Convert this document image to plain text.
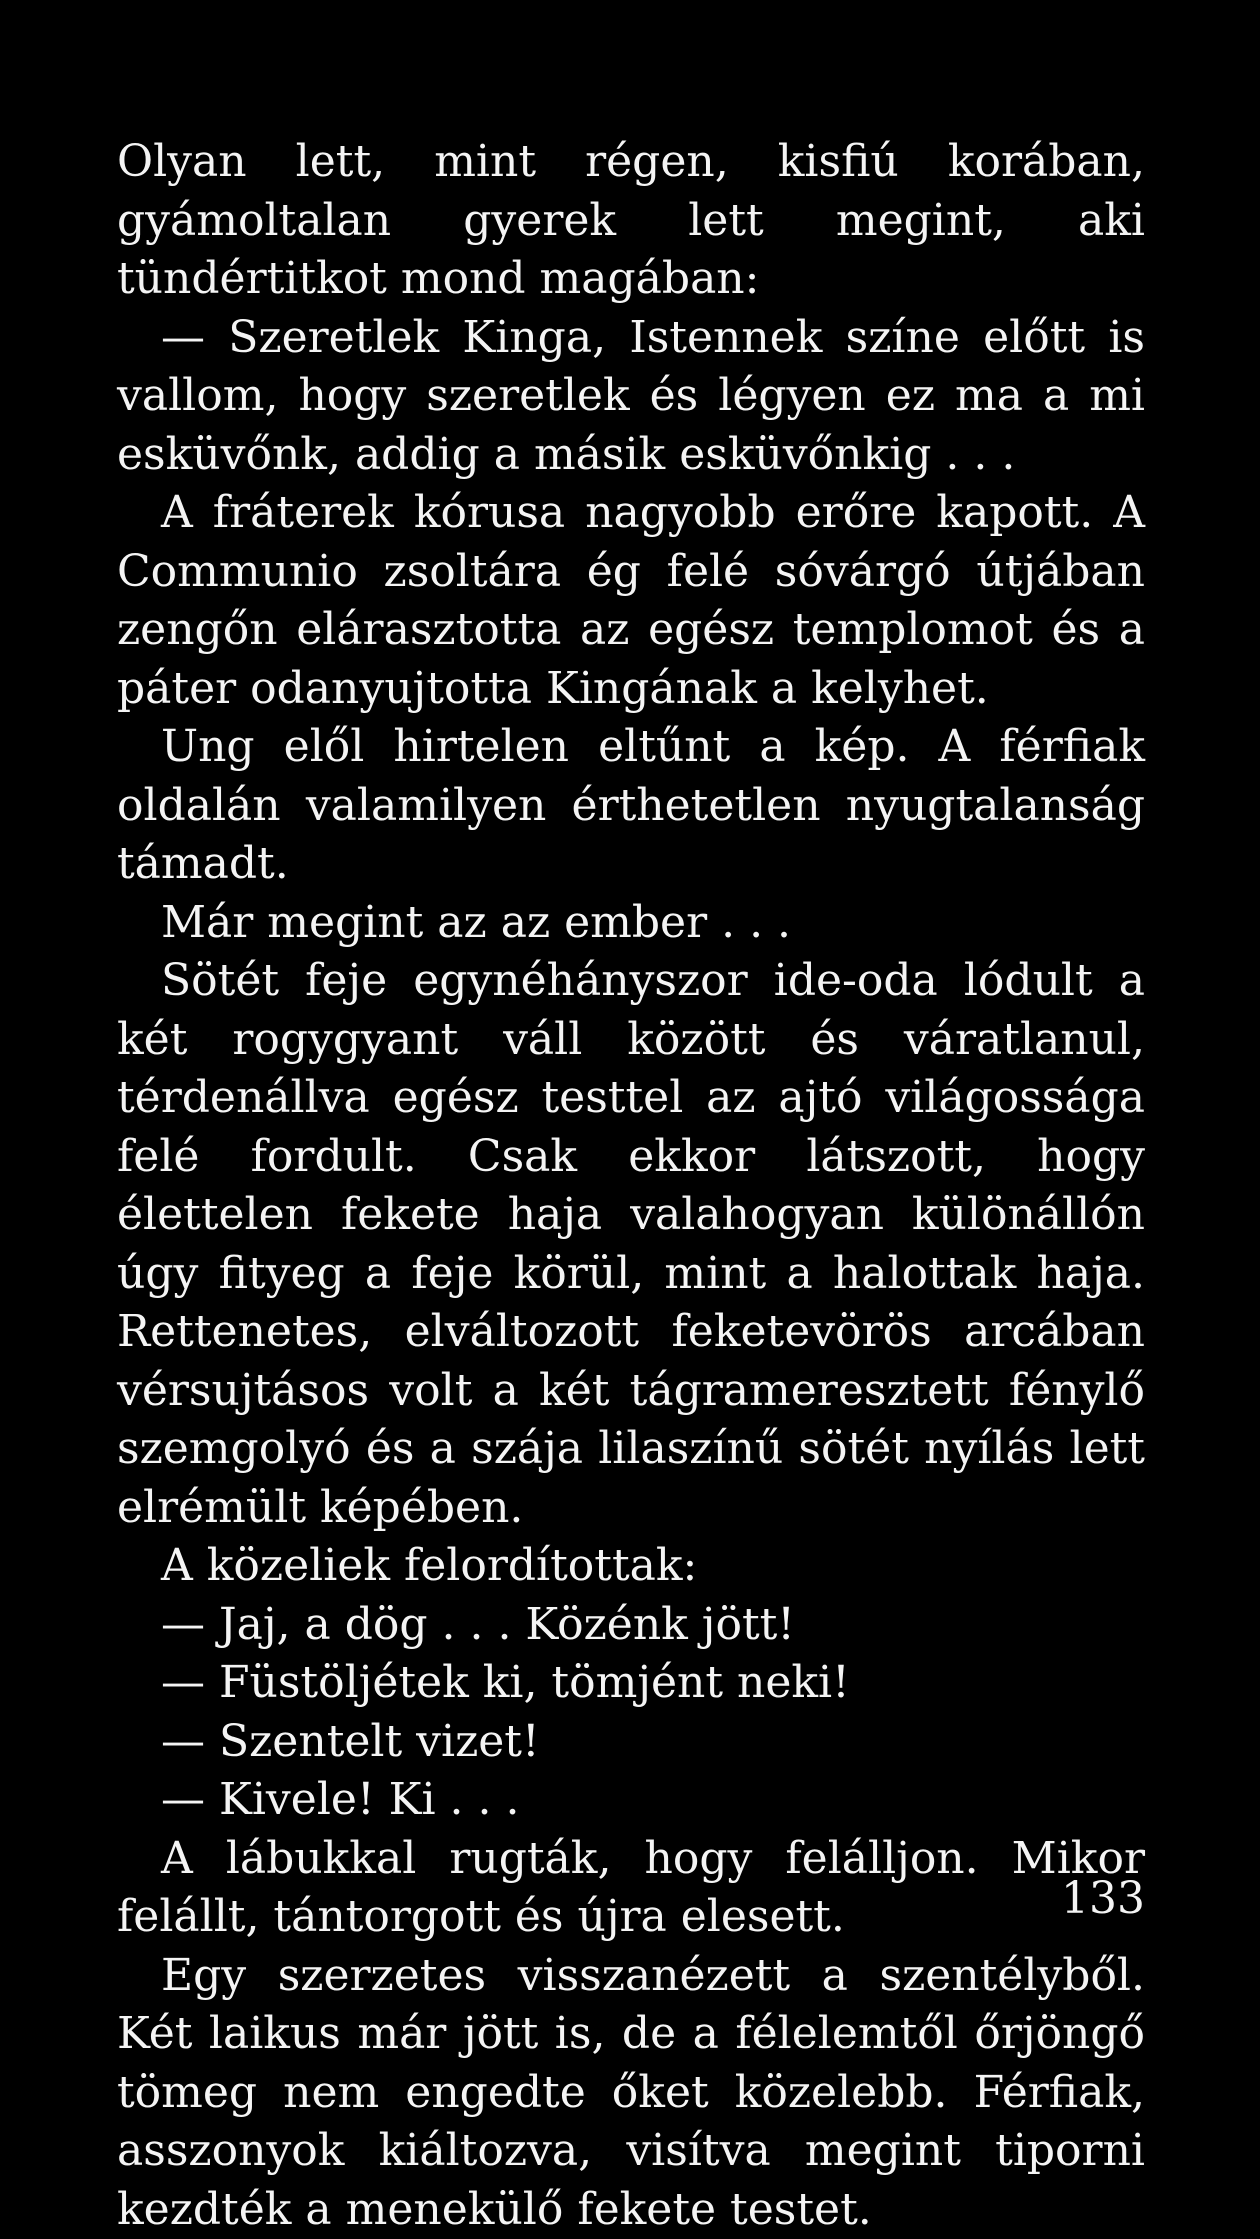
Olyan lett, mint régen, kisfiú korában, gyámoltalan gyerek lett megint, aki tündértitkot mond magában:

— Szeretlek Kinga, Istennek színe előtt is vallom, hogy szeretlek és légyen ez ma a mi esküvőnk, addig a másik esküvőnkig . . .

A fráterek kórusa nagyobb erőre kapott. A Communio zsoltára ég felé sóvárgó útjában zengőn elárasztotta az egész templomot és a páter odanyujtotta Kingának a kelyhet.

Ung elől hirtelen eltűnt a kép. A férfiak oldalán valamilyen érthetetlen nyugtalanság támadt.

Már megint az az ember . . .

Sötét feje egynéhányszor ide-oda lódult a két rogygyant váll között és váratlanul, térdenállva egész testtel az ajtó világossága felé fordult. Csak ekkor látszott, hogy élettelen fekete haja valahogyan különállón úgy fityeg a feje körül, mint a halottak haja. Rettenetes, elváltozott feketevörös arcában vérsujtásos volt a két tágrameresztett fénylő szemgolyó és a szája lilaszínű sötét nyílás lett elrémült képében.

A közeliek felordítottak:

— Jaj, a dög . . . Közénk jött!

— Füstöljétek ki, tömjént neki!

— Szentelt vizet!

— Kivele! Ki . . .

A lábukkal rugták, hogy felálljon. Mikor felállt, tántorgott és újra elesett.

Egy szerzetes visszanézett a szentélyből. Két laikus már jött is, de a félelemtől őrjöngő tömeg nem engedte őket közelebb. Férfiak, asszonyok kiáltozva, visítva megint tiporni kezdték a menekülő fekete testet.

133
